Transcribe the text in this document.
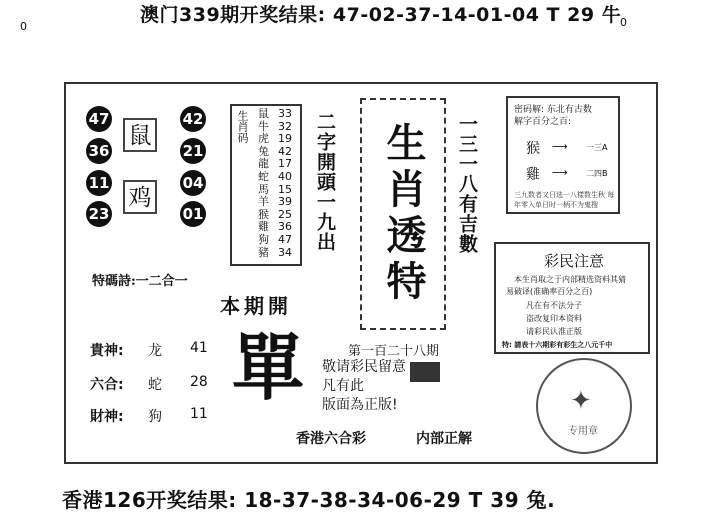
澳门339期开奖结果: 47-02-37-14-01-04 T 29 牛
香港126开奖结果: 18-37-38-34-06-29 T 39 兔.
0	0
47
36
11
23
鼠
鸡
42
21
04
01
生肖码 鼠
牛
虎
兔
龍
蛇
馬
羊
猴
雞
狗
豬
33
32
19
42
17
40
15
39
25
36
47
34
二字開頭一九出 生肖透特 一三一八有吉數
密码解: 东北有古数
解字百分之百:
猴 ⟶ 一三A
雞 ⟶ 二四B
三九数者又日选一八樣数生秋 每年零入单日时一柄不为鬼搜
彩民注意
本生肖取之于内部精选资料其猜
易破译(准确率百分之百)
凡在有不法分子
盗改复印本资料
请彩民认准正版
特: 請表十六期彩有彩生之八元千中
特碼詩:一二合一
本期開
單
貴神: 龙 41
六合: 蛇 28
財神: 狗 11
第一百二十八期
敬请彩民留意
凡有此
版面為正版!
香港六合彩	内部正解
✦
专用章
